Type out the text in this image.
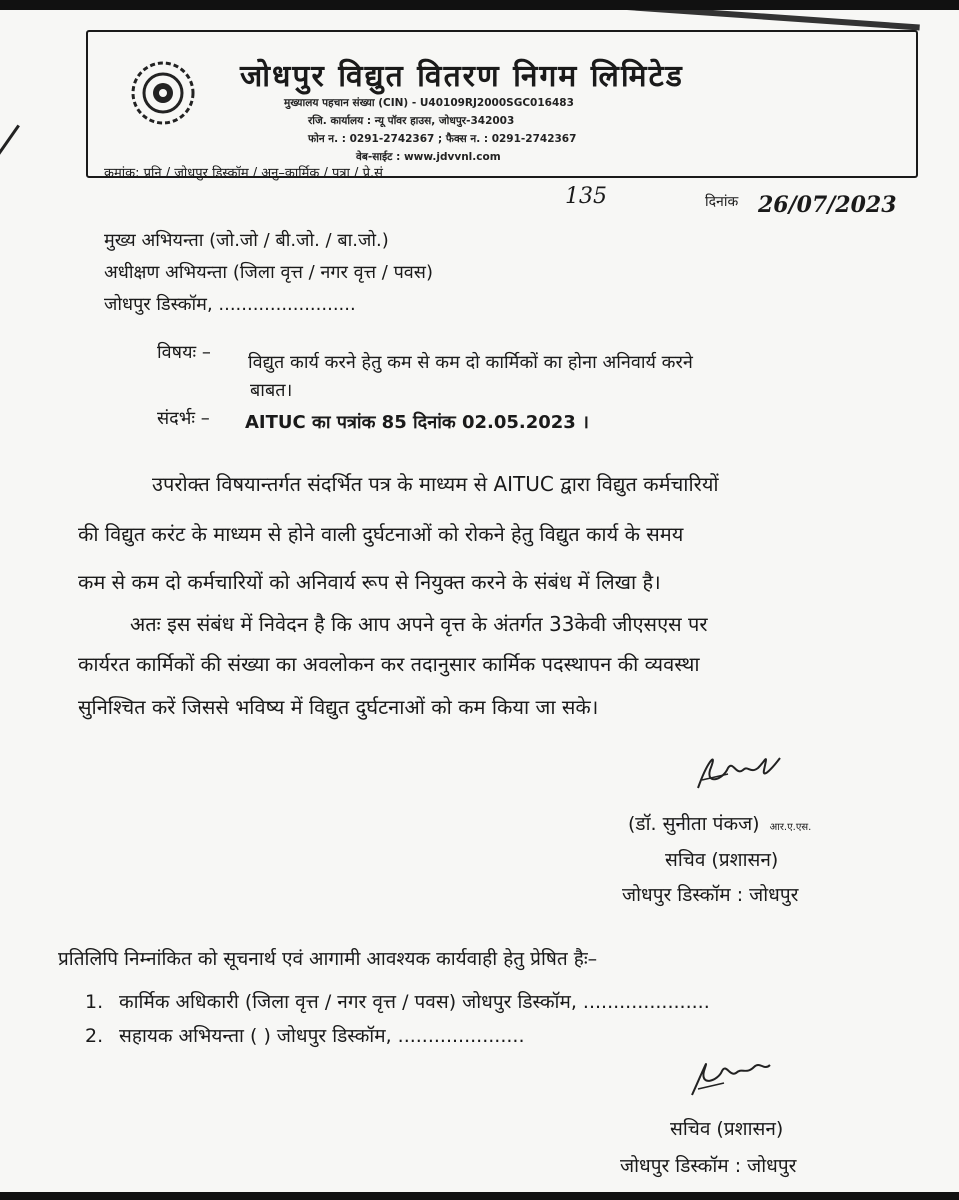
जोधपुर विद्युत वितरण निगम लिमिटेड
मुख्यालय पहचान संख्या (CIN) - U40109RJ2000SGC016483
रजि. कार्यालय : न्यू पॉवर हाउस, जोधपुर-342003
फोन न. : 0291-2742367 ; फैक्स न. : 0291-2742367
वेब-साईट : www.jdvvnl.com
क्रमांक: प्रनि / जोधपुर डिस्कॉम / अनु–कार्मिक / पत्रा / प्रे.सं
135	दिनांक 26/07/2023
मुख्य अभियन्ता (जो.जो / बी.जो. / बा.जो.)
अधीक्षण अभियन्ता (जिला वृत्त / नगर वृत्त / पवस)
जोधपुर डिस्कॉम, ........................
विषयः – विद्युत कार्य करने हेतु कम से कम दो कार्मिकों का होना अनिवार्य करने
बाबत।
संदर्भः – AITUC का पत्रांक 85 दिनांक 02.05.2023 ।
उपरोक्त विषयान्तर्गत संदर्भित पत्र के माध्यम से AITUC द्वारा विद्युत कर्मचारियों
की विद्युत करंट के माध्यम से होने वाली दुर्घटनाओं को रोकने हेतु विद्युत कार्य के समय
कम से कम दो कर्मचारियों को अनिवार्य रूप से नियुक्त करने के संबंध में लिखा है।
अतः इस संबंध में निवेदन है कि आप अपने वृत्त के अंतर्गत 33केवी जीएसएस पर
कार्यरत कार्मिकों की संख्या का अवलोकन कर तदानुसार कार्मिक पदस्थापन की व्यवस्था
सुनिश्चित करें जिससे भविष्य में विद्युत दुर्घटनाओं को कम किया जा सके।
(डॉ. सुनीता पंकज) आर.ए.एस.
सचिव (प्रशासन)
जोधपुर डिस्कॉम : जोधपुर
प्रतिलिपि निम्नांकित को सूचनार्थ एवं आगामी आवश्यक कार्यवाही हेतु प्रेषित हैः–
1. कार्मिक अधिकारी (जिला वृत्त / नगर वृत्त / पवस) जोधपुर डिस्कॉम, .....................
2. सहायक अभियन्ता ( ) जोधपुर डिस्कॉम, .....................
सचिव (प्रशासन)
जोधपुर डिस्कॉम : जोधपुर
